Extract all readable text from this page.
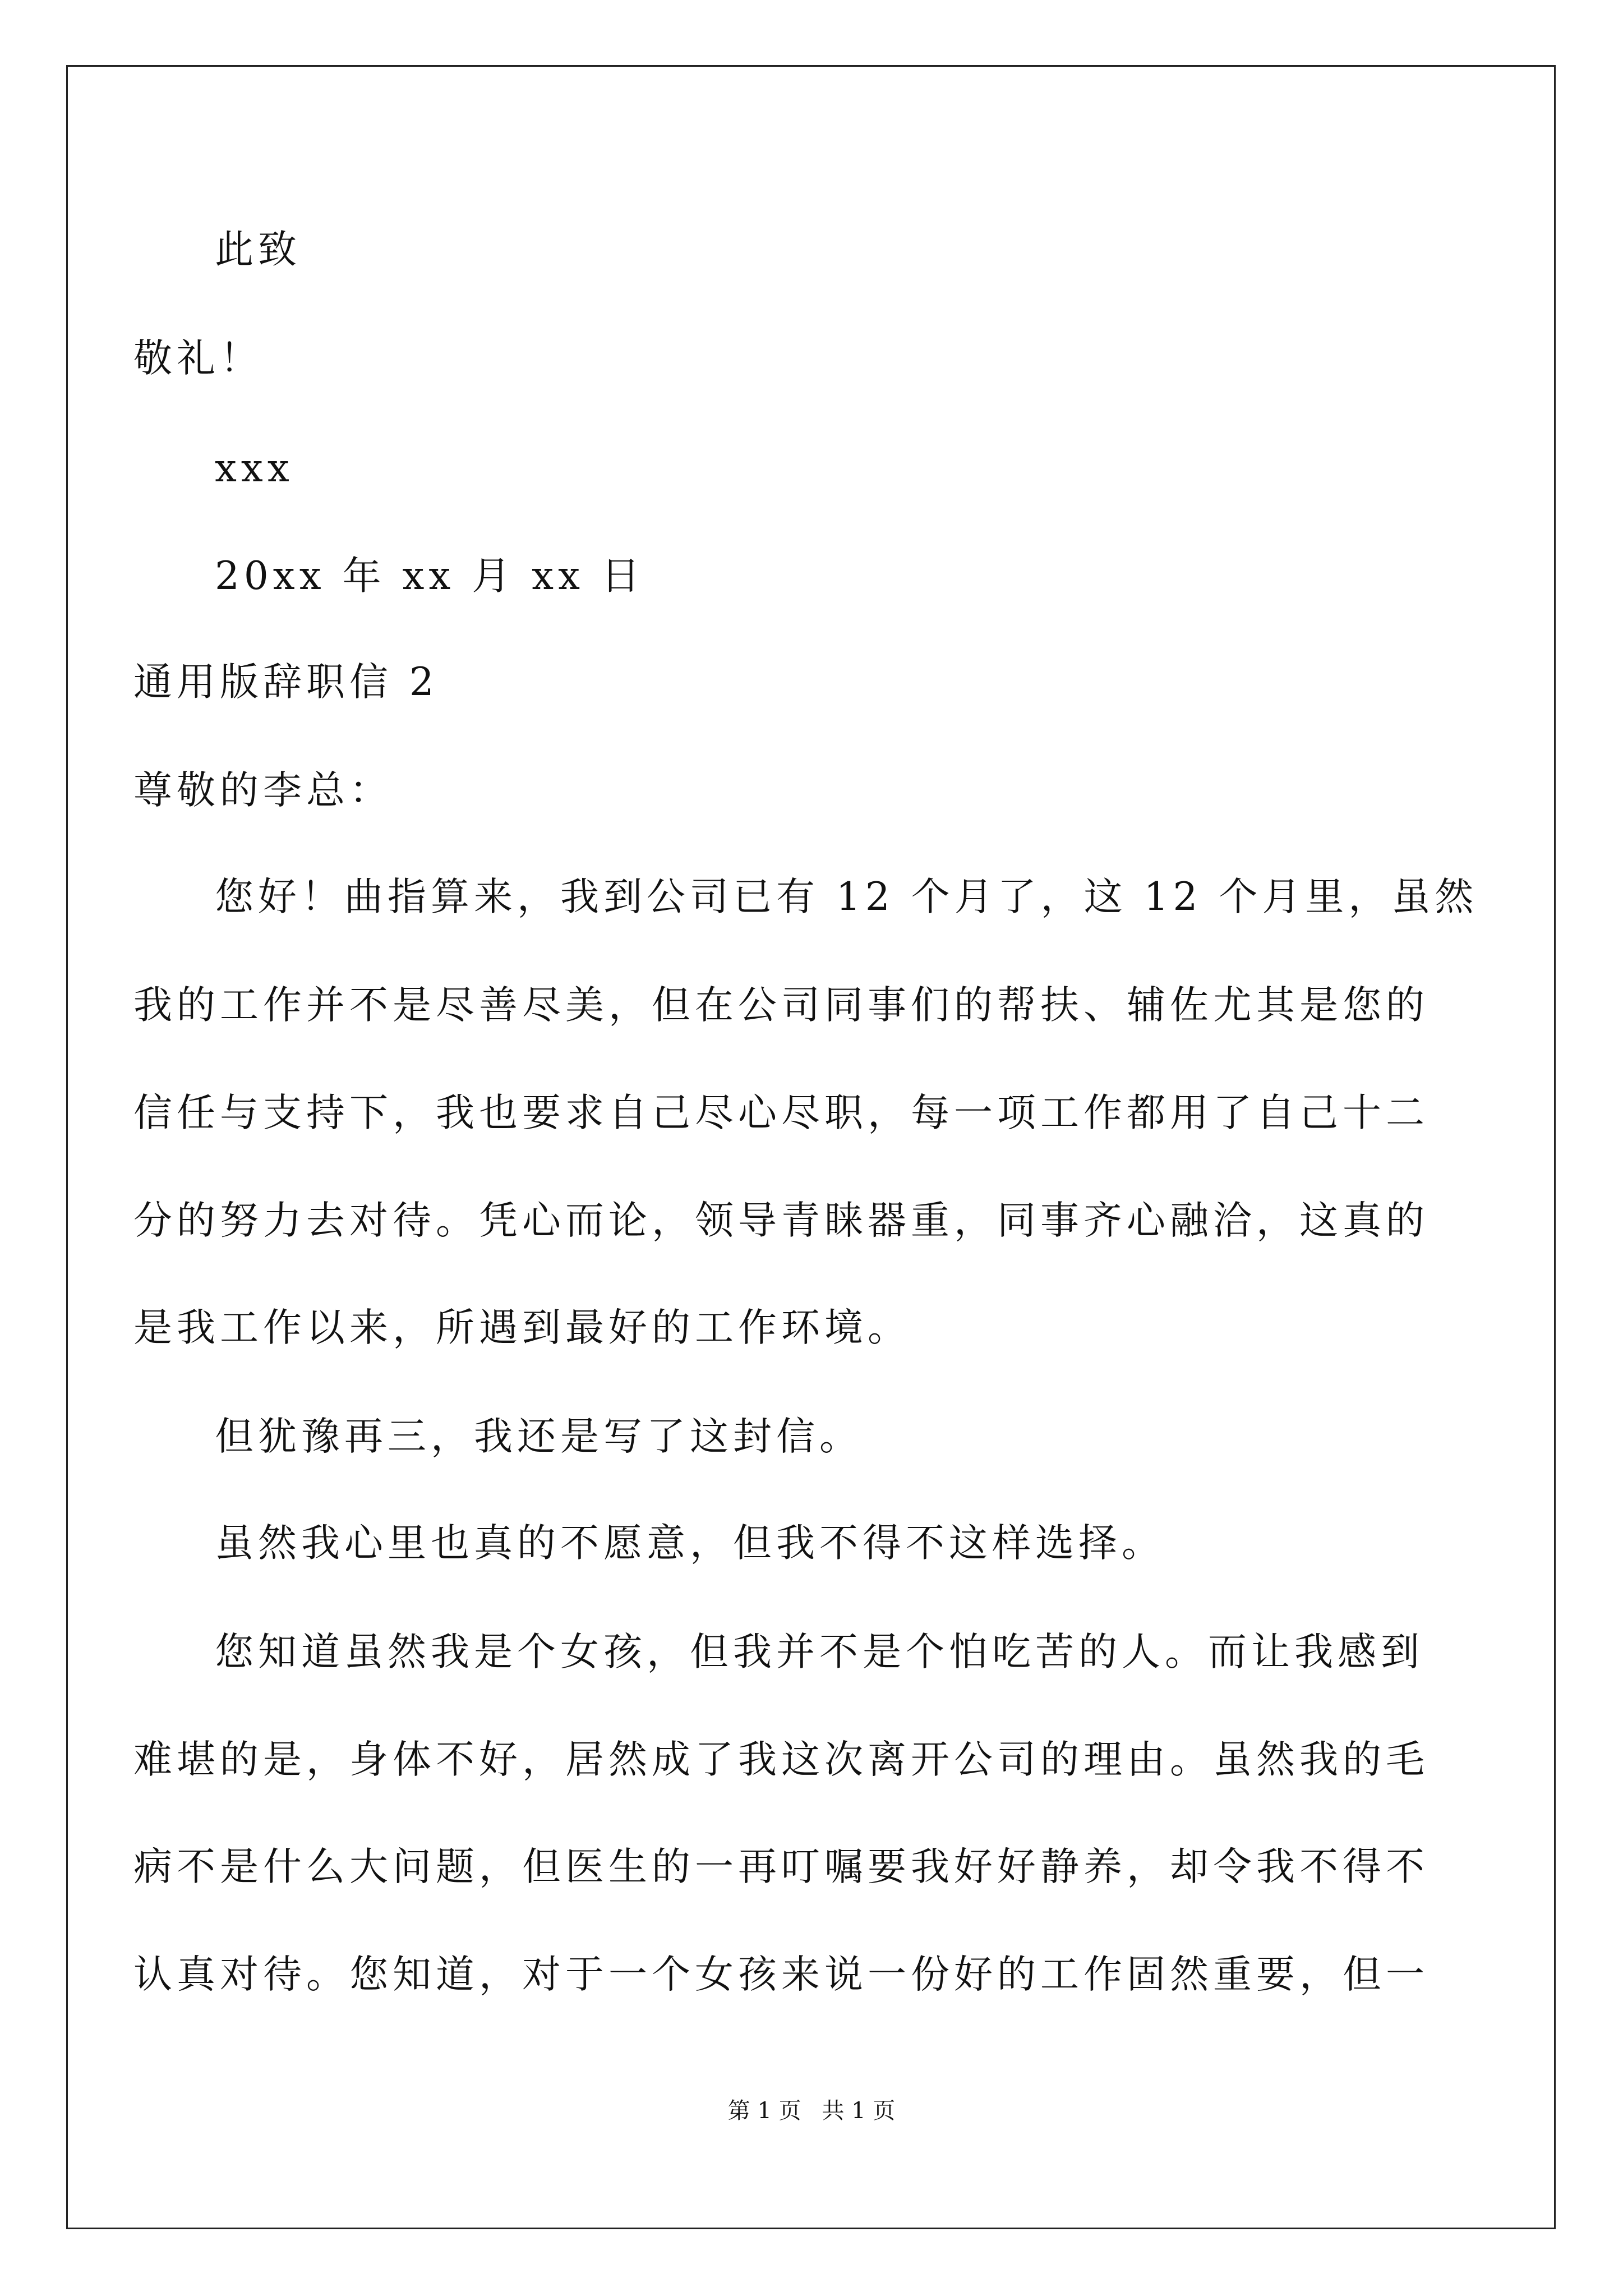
此致
敬礼！
xxx
20xx 年 xx 月 xx 日
通用版辞职信 2
尊敬的李总：
您好！曲指算来，我到公司已有 12 个月了，这 12 个月里，虽然
我的工作并不是尽善尽美，但在公司同事们的帮扶、辅佐尤其是您的
信任与支持下，我也要求自己尽心尽职，每一项工作都用了自己十二
分的努力去对待。凭心而论，领导青睐器重，同事齐心融洽，这真的
是我工作以来，所遇到最好的工作环境。
但犹豫再三，我还是写了这封信。
虽然我心里也真的不愿意，但我不得不这样选择。
您知道虽然我是个女孩，但我并不是个怕吃苦的人。而让我感到
难堪的是，身体不好，居然成了我这次离开公司的理由。虽然我的毛
病不是什么大问题，但医生的一再叮嘱要我好好静养，却令我不得不
认真对待。您知道，对于一个女孩来说一份好的工作固然重要，但一
第 1 页 共 1 页
